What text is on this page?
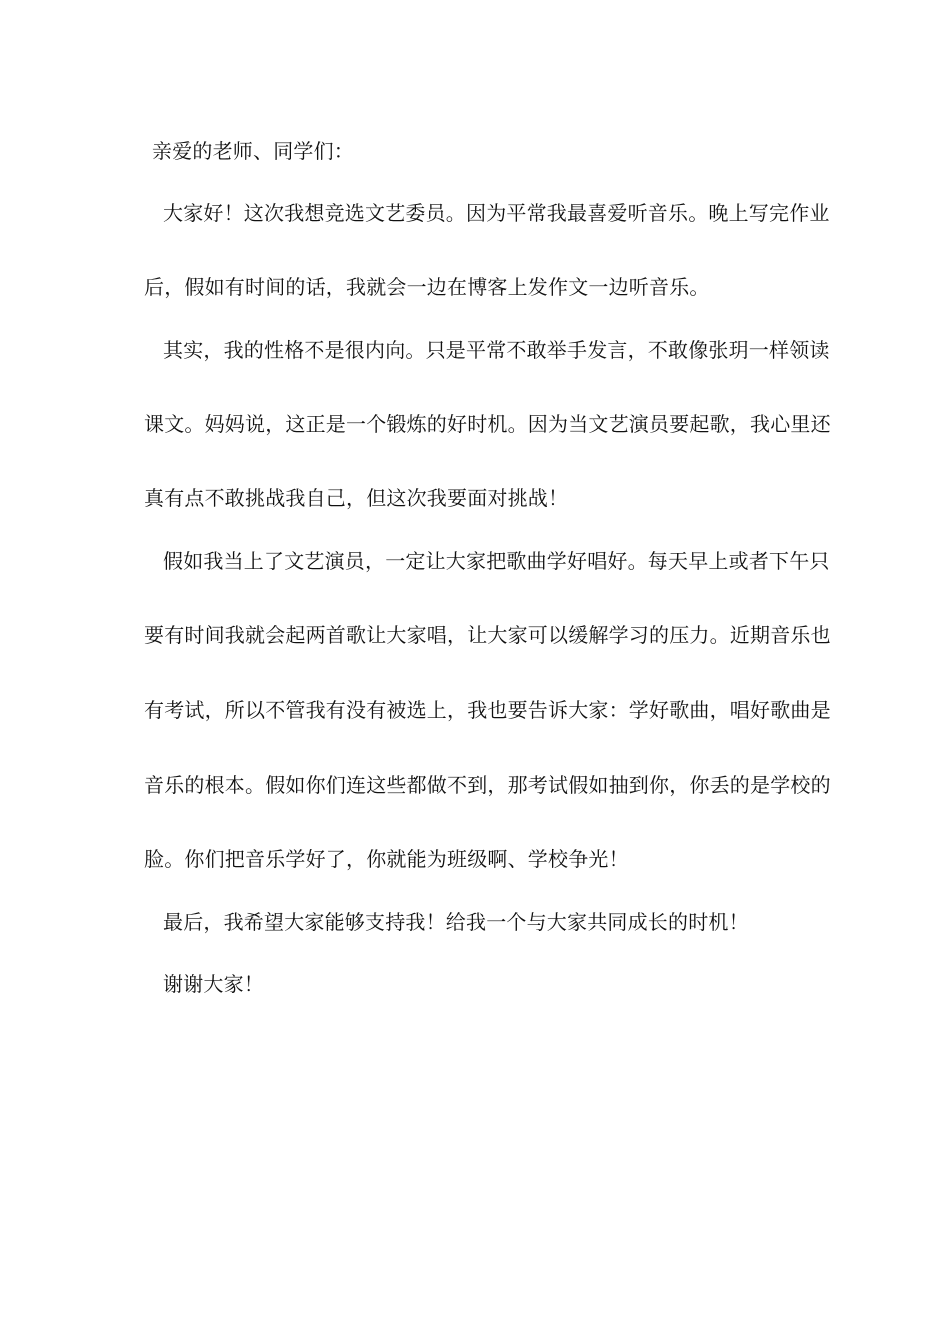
亲爱的老师、同学们：
大家好！这次我想竞选文艺委员。因为平常我最喜爱听音乐。晚上写完作业
后，假如有时间的话，我就会一边在博客上发作文一边听音乐。
其实，我的性格不是很内向。只是平常不敢举手发言，不敢像张玥一样领读
课文。妈妈说，这正是一个锻炼的好时机。因为当文艺演员要起歌，我心里还
真有点不敢挑战我自己，但这次我要面对挑战！
假如我当上了文艺演员，一定让大家把歌曲学好唱好。每天早上或者下午只
要有时间我就会起两首歌让大家唱，让大家可以缓解学习的压力。近期音乐也
有考试，所以不管我有没有被选上，我也要告诉大家：学好歌曲，唱好歌曲是
音乐的根本。假如你们连这些都做不到，那考试假如抽到你，你丢的是学校的
脸。你们把音乐学好了，你就能为班级啊、学校争光！
最后，我希望大家能够支持我！给我一个与大家共同成长的时机！
谢谢大家！
